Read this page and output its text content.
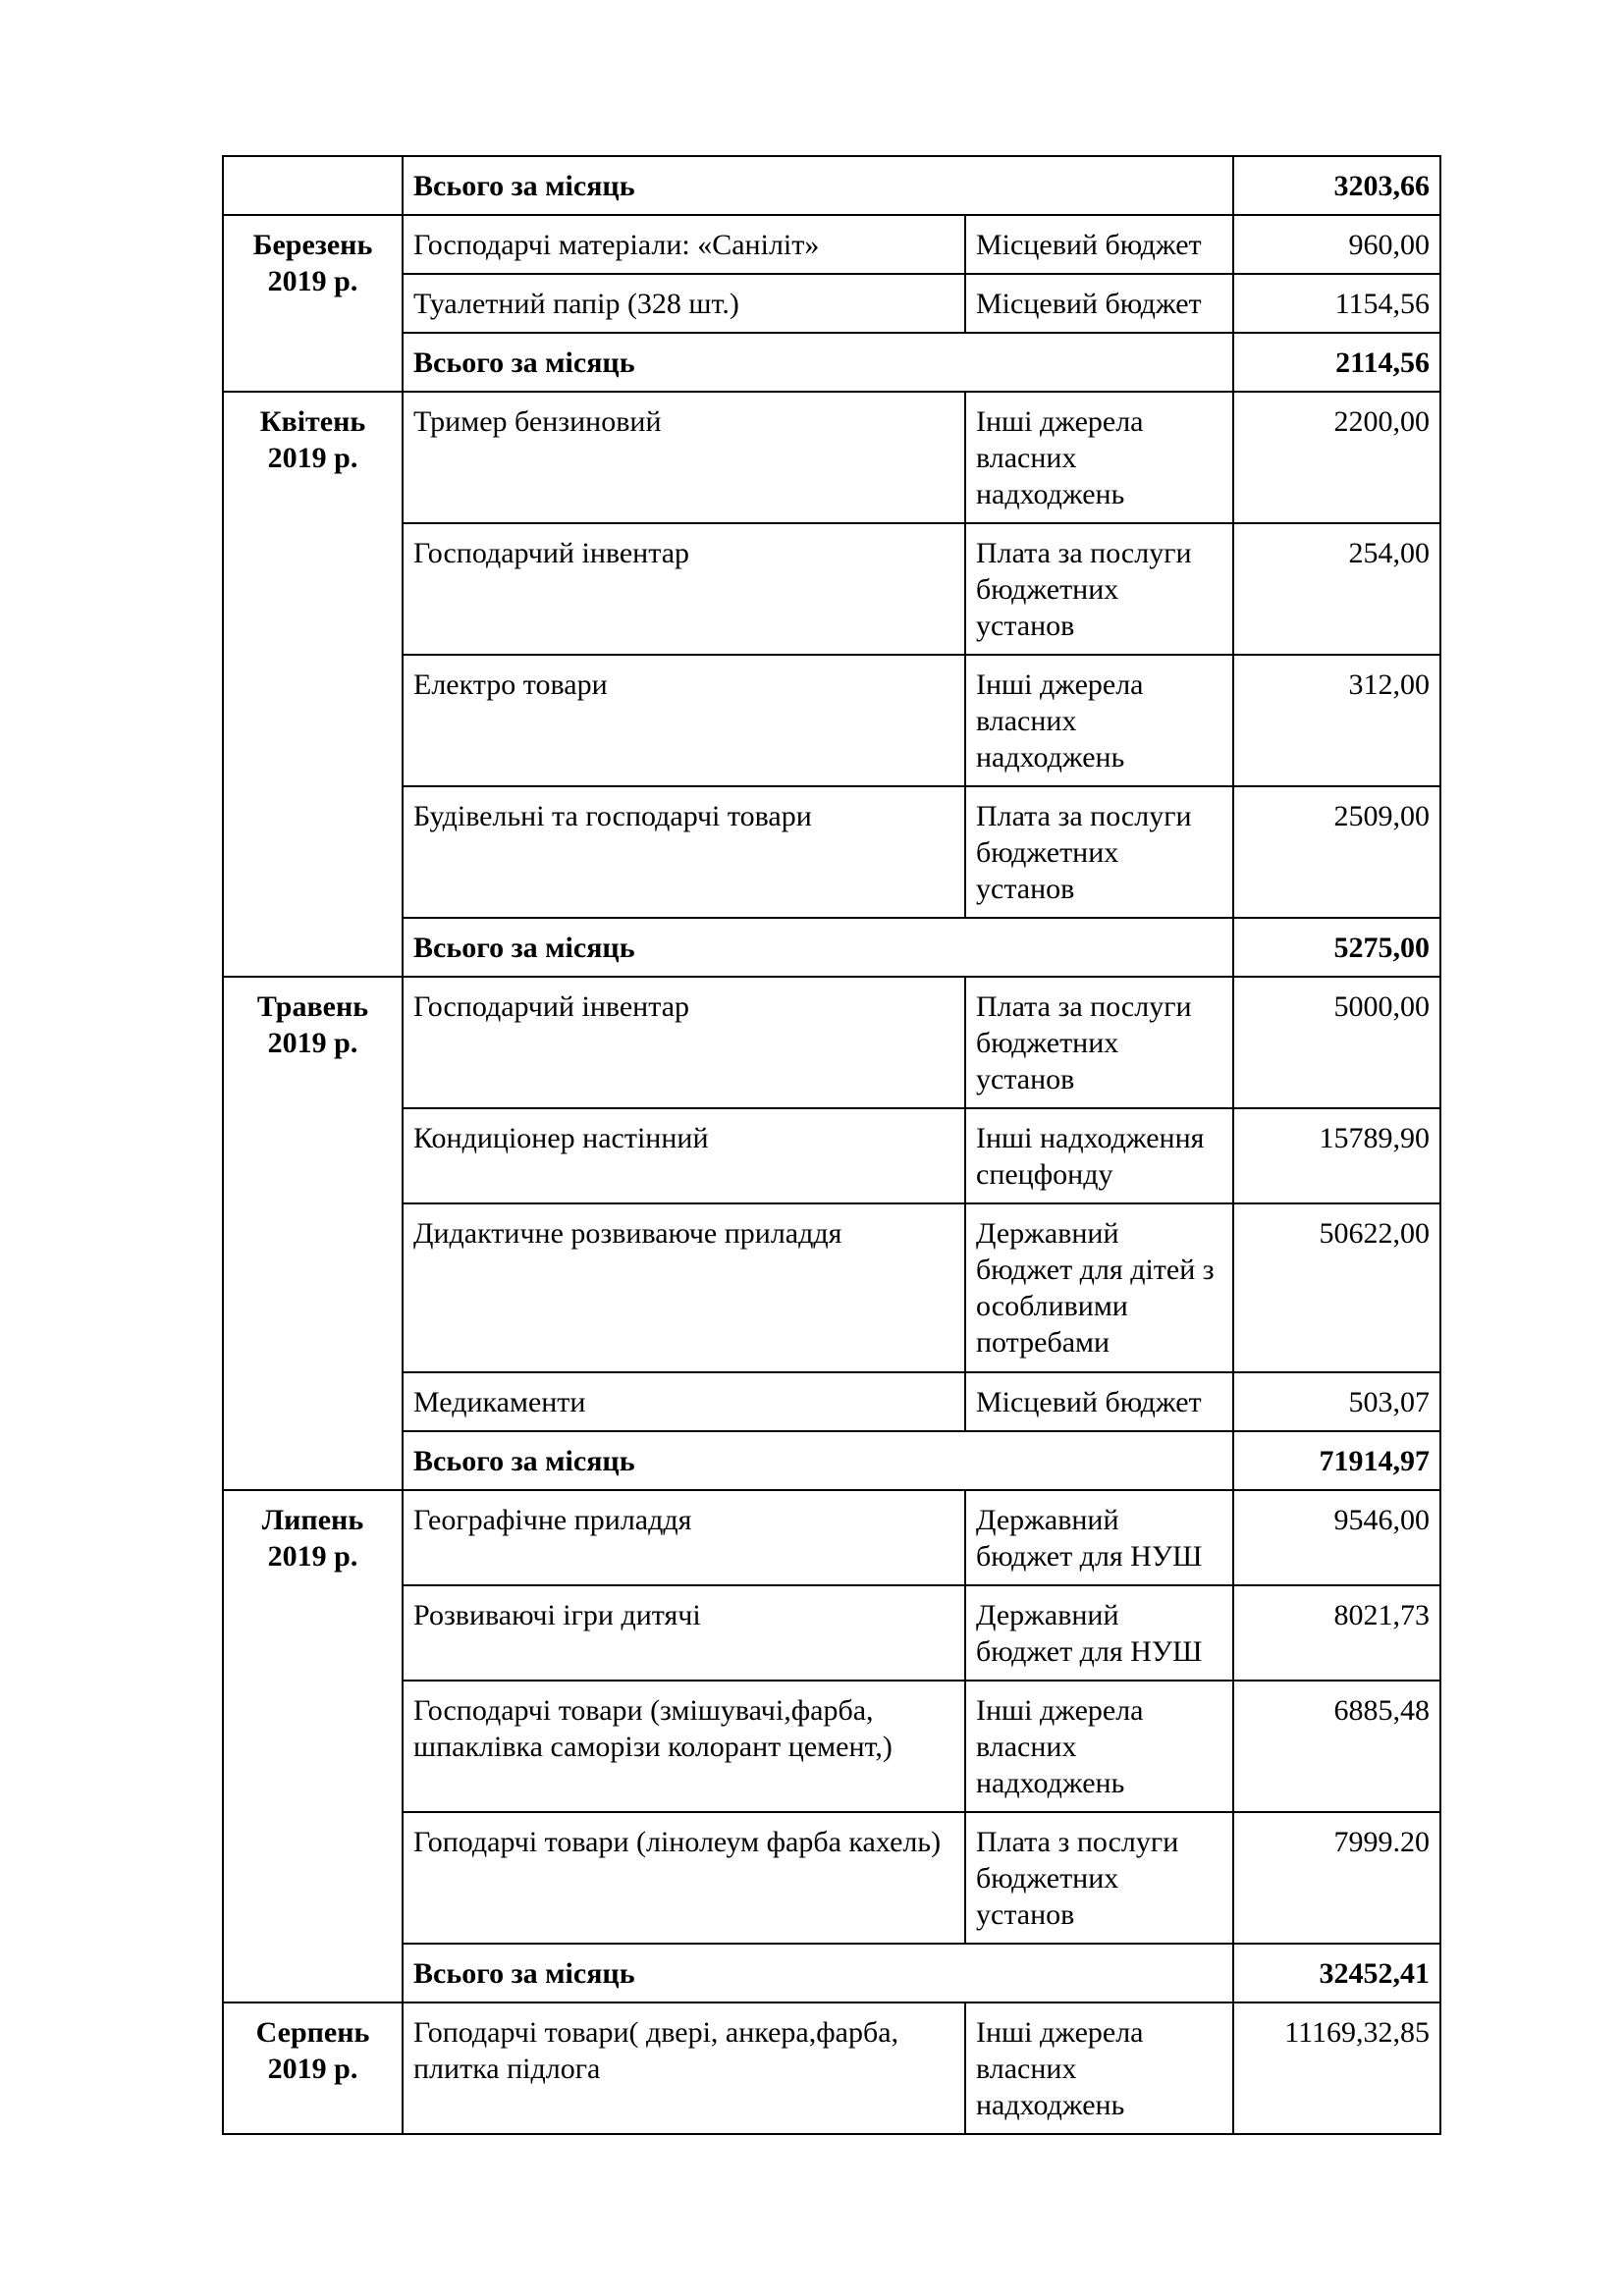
	Всього за місяць		3203,66

Березень
2019 р.	Господарчі матеріали: «Саніліт»	Місцевий бюджет	960,00
	Туалетний папір (328 шт.)	Місцевий бюджет	1154,56
	Всього за місяць		2114,56

Квітень
2019 р.	Тример бензиновий	Інші джерела власних надходжень	2200,00
	Господарчий інвентар	Плата за послуги бюджетних установ	254,00
	Електро товари	Інші джерела власних надходжень	312,00
	Будівельні та господарчі товари	Плата за послуги бюджетних установ	2509,00
	Всього за місяць		5275,00

Травень
2019 р.	Господарчий інвентар	Плата за послуги бюджетних установ	5000,00
	Кондиціонер настінний	Інші надходження спецфонду	15789,90
	Дидактичне розвиваюче приладдя	Державний бюджет для дітей з особливими потребами	50622,00
	Медикаменти	Місцевий бюджет	503,07
	Всього за місяць		71914,97

Липень
2019 р.	Географічне приладдя	Державний бюджет для НУШ	9546,00
	Розвиваючі ігри дитячі	Державний бюджет для НУШ	8021,73
	Господарчі товари (змішувачі,фарба, шпаклівка саморізи колорант цемент,)	Інші джерела власних надходжень	6885,48
	Гоподарчі товари (лінолеум фарба кахель)	Плата з послуги бюджетних установ	7999.20
	Всього за місяць		32452,41

Серпень
2019 р.	Гоподарчі товари( двері, анкера,фарба, плитка підлога	Інші джерела власних надходжень	11169,32,85
